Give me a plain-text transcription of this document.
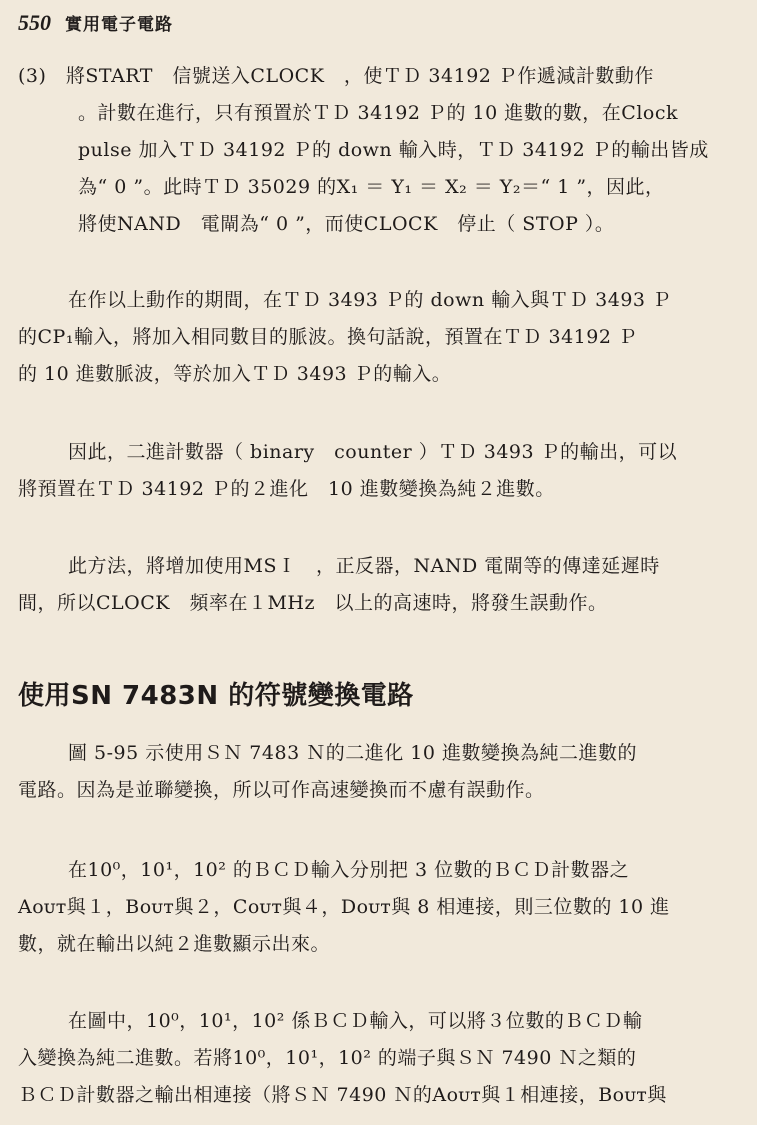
550 實用電子電路
(3)　將START　信號送入CLOCK　，使ＴＤ 34192 Ｐ作遞減計數動作
。計數在進行，只有預置於ＴＤ 34192 Ｐ的 10 進數的數，在Clock
pulse 加入ＴＤ 34192 Ｐ的 down 輸入時，ＴＤ 34192 Ｐ的輸出皆成
為“ 0 ”。此時ＴＤ 35029 的X₁ ＝ Y₁ ＝ X₂ ＝ Y₂＝“ 1 ”，因此，
將使NAND　電閘為“ 0 ”，而使CLOCK　停止（ STOP ）。
在作以上動作的期間，在ＴＤ 3493 Ｐ的 down 輸入與ＴＤ 3493 Ｐ
的CP₁輸入，將加入相同數目的脈波。換句話說，預置在ＴＤ 34192 Ｐ
的 10 進數脈波，等於加入ＴＤ 3493 Ｐ的輸入。
因此，二進計數器（ binary　counter ）ＴＤ 3493 Ｐ的輸出，可以
將預置在ＴＤ 34192 Ｐ的２進化　10 進數變換為純２進數。
此方法，將增加使用MSＩ　，正反器，NAND 電閘等的傳達延遲時
間，所以CLOCK　頻率在１MHz　以上的高速時，將發生誤動作。
使用SN 7483N 的符號變換電路
圖 5-95 示使用ＳＮ 7483 Ｎ的二進化 10 進數變換為純二進數的
電路。因為是並聯變換，所以可作高速變換而不慮有誤動作。
在10⁰，10¹，10² 的ＢＣＤ輸入分別把 3 位數的ＢＣＤ計數器之
Aᴏᴜᴛ與１，Bᴏᴜᴛ與２，Cᴏᴜᴛ與４，Dᴏᴜᴛ與 8 相連接，則三位數的 10 進
數，就在輸出以純２進數顯示出來。
在圖中，10⁰，10¹，10² 係ＢＣＤ輸入，可以將３位數的ＢＣＤ輸
入變換為純二進數。若將10⁰，10¹，10² 的端子與ＳＮ 7490 Ｎ之類的
ＢＣＤ計數器之輸出相連接（將ＳＮ 7490 Ｎ的Aᴏᴜᴛ與１相連接，Bᴏᴜᴛ與
